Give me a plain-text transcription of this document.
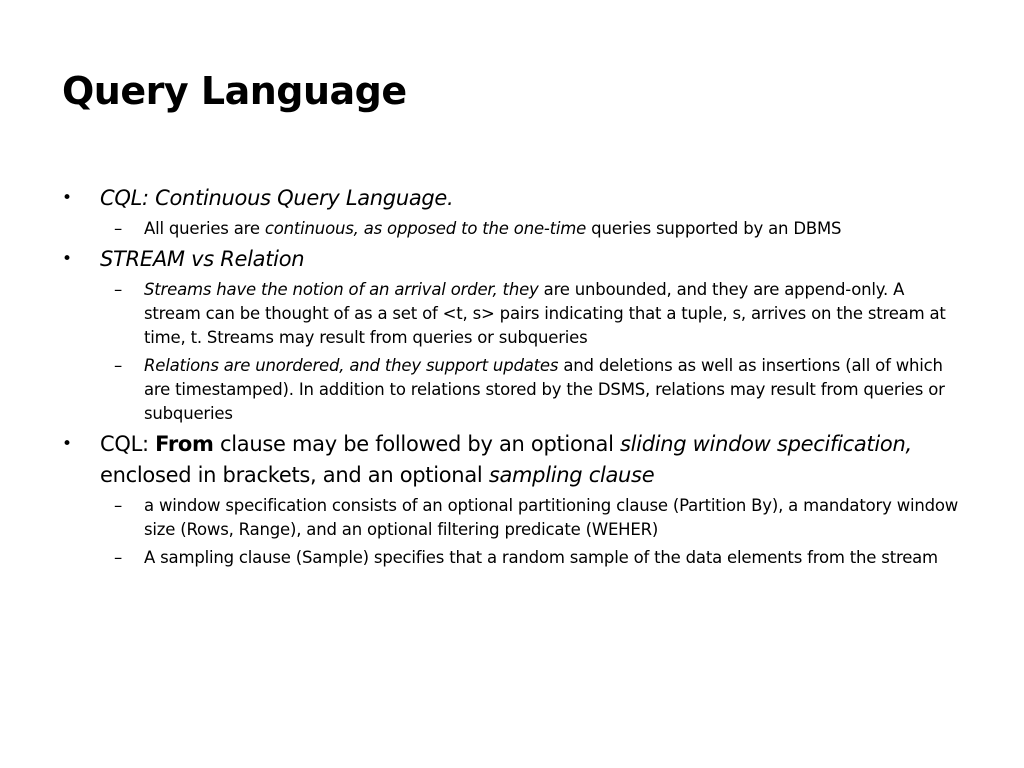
Query Language
•	CQL: Continuous Query Language.
–	All queries are continuous, as opposed to the one-time queries supported by an DBMS
•	STREAM vs Relation
–	Streams have the notion of an arrival order, they are unbounded, and they are append-only. A stream can be thought of as a set of <t, s> pairs indicating that a tuple, s, arrives on the stream at time, t. Streams may result from queries or subqueries
–	Relations are unordered, and they support updates and deletions as well as insertions (all of which are timestamped). In addition to relations stored by the DSMS, relations may result from queries or subqueries
•	CQL: From clause may be followed by an optional sliding window specification, enclosed in brackets, and an optional sampling clause
–	a window specification consists of an optional partitioning clause (Partition By), a mandatory window size (Rows, Range), and an optional filtering predicate (WEHER)
–	A sampling clause (Sample) specifies that a random sample of the data elements from the stream
